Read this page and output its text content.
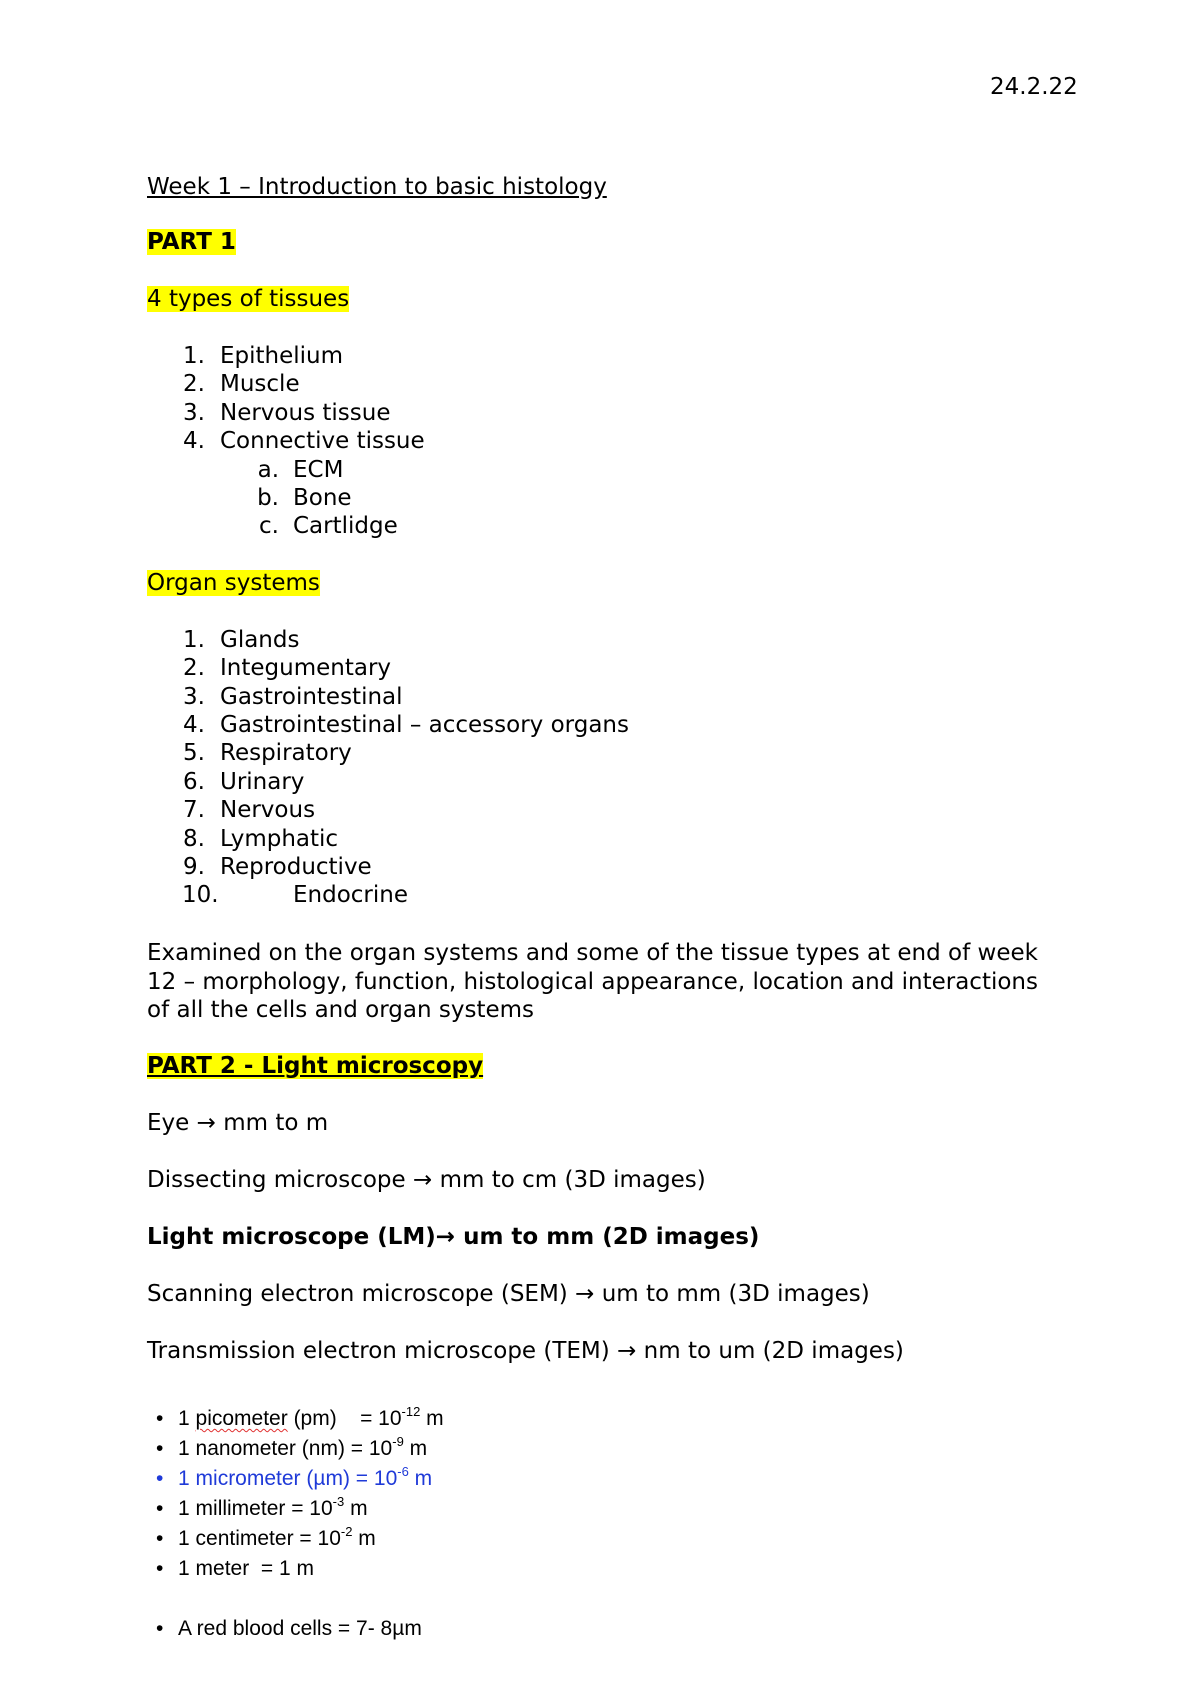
24.2.22
Week 1 – Introduction to basic histology
PART 1
4 types of tissues
1. Epithelium
2. Muscle
3. Nervous tissue
4. Connective tissue
a. ECM
b. Bone
c. Cartlidge
Organ systems
1. Glands
2. Integumentary
3. Gastrointestinal
4. Gastrointestinal – accessory organs
5. Respiratory
6. Urinary
7. Nervous
8. Lymphatic
9. Reproductive
10.	Endocrine
Examined on the organ systems and some of the tissue types at end of week 12 – morphology, function, histological appearance, location and interactions of all the cells and organ systems
PART 2 - Light microscopy
Eye → mm to m
Dissecting microscope → mm to cm (3D images)
Light microscope (LM)→ um to mm (2D images)
Scanning electron microscope (SEM) → um to mm (3D images)
Transmission electron microscope (TEM) → nm to um (2D images)
• 1 picometer (pm)    = $10^{-12}$ m
• 1 nanometer $(nm) = 10^{-9}$ m
• 1 micrometer $(\mu m) = 10^{-6}$ m
• 1 millimeter = $10^{-3}$ m
• 1 centimeter = $10^{-2}$ m
• 1 meter  = 1 m
• A red blood cells = 7- 8µm
